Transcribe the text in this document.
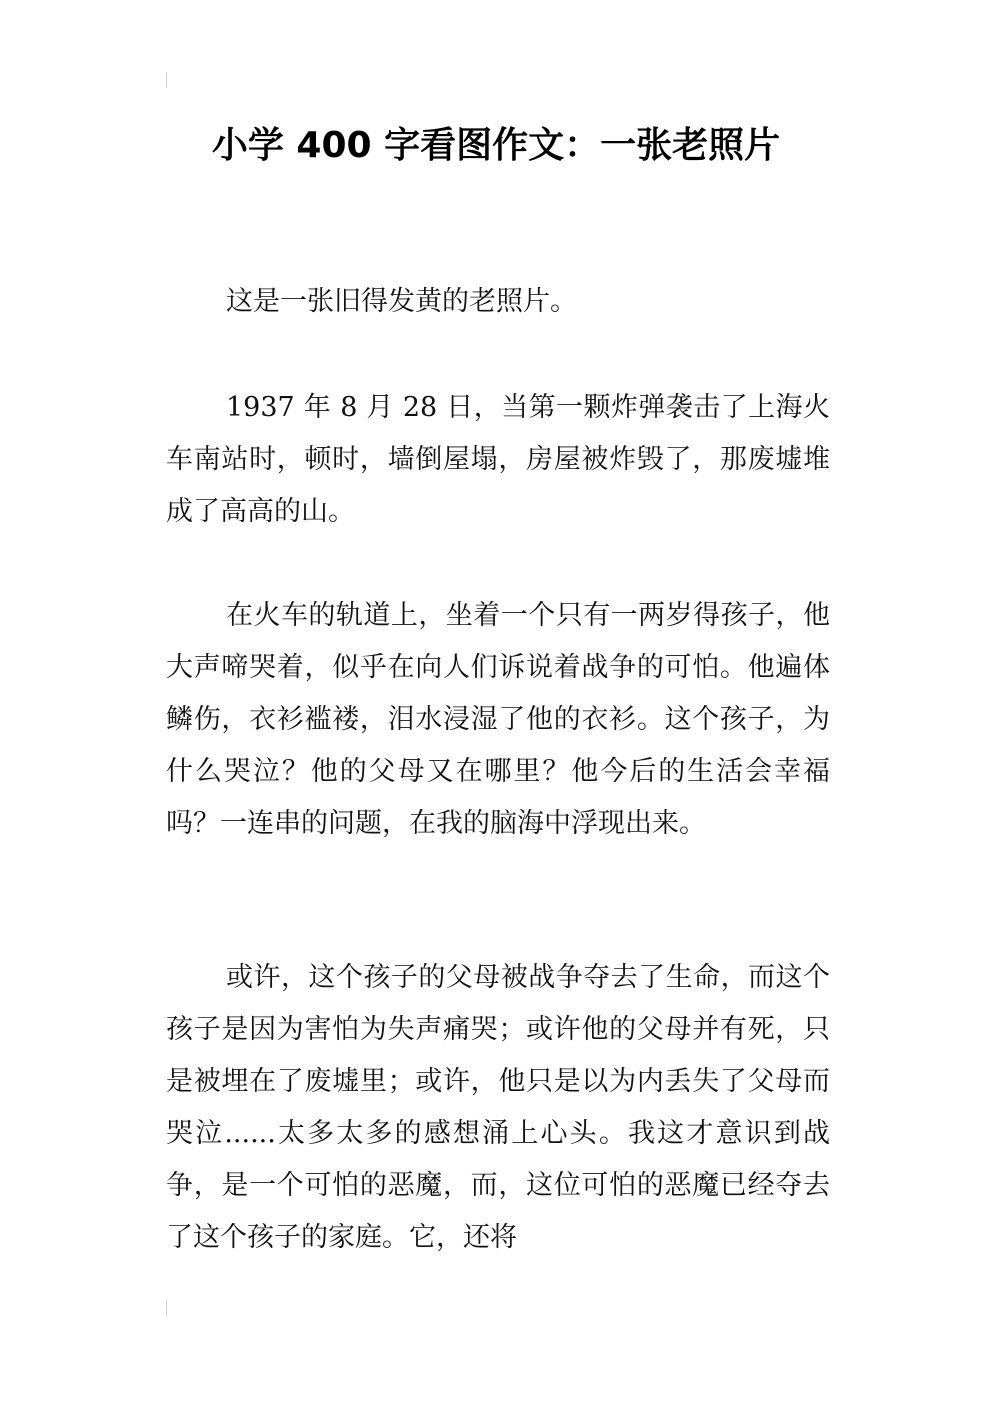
小学 400 字看图作文：一张老照片

这是一张旧得发黄的老照片。

1937 年 8 月 28 日，当第一颗炸弹袭击了上海火车南站时，顿时，墙倒屋塌，房屋被炸毁了，那废墟堆成了高高的山。

在火车的轨道上，坐着一个只有一两岁得孩子，他大声啼哭着，似乎在向人们诉说着战争的可怕。他遍体鳞伤，衣衫褴褛，泪水浸湿了他的衣衫。这个孩子，为什么哭泣？他的父母又在哪里？他今后的生活会幸福吗？一连串的问题，在我的脑海中浮现出来。

或许，这个孩子的父母被战争夺去了生命，而这个孩子是因为害怕为失声痛哭；或许他的父母并有死，只是被埋在了废墟里；或许，他只是以为内丢失了父母而哭泣......太多太多的感想涌上心头。我这才意识到战争，是一个可怕的恶魔，而，这位可怕的恶魔已经夺去了这个孩子的家庭。它，还将
